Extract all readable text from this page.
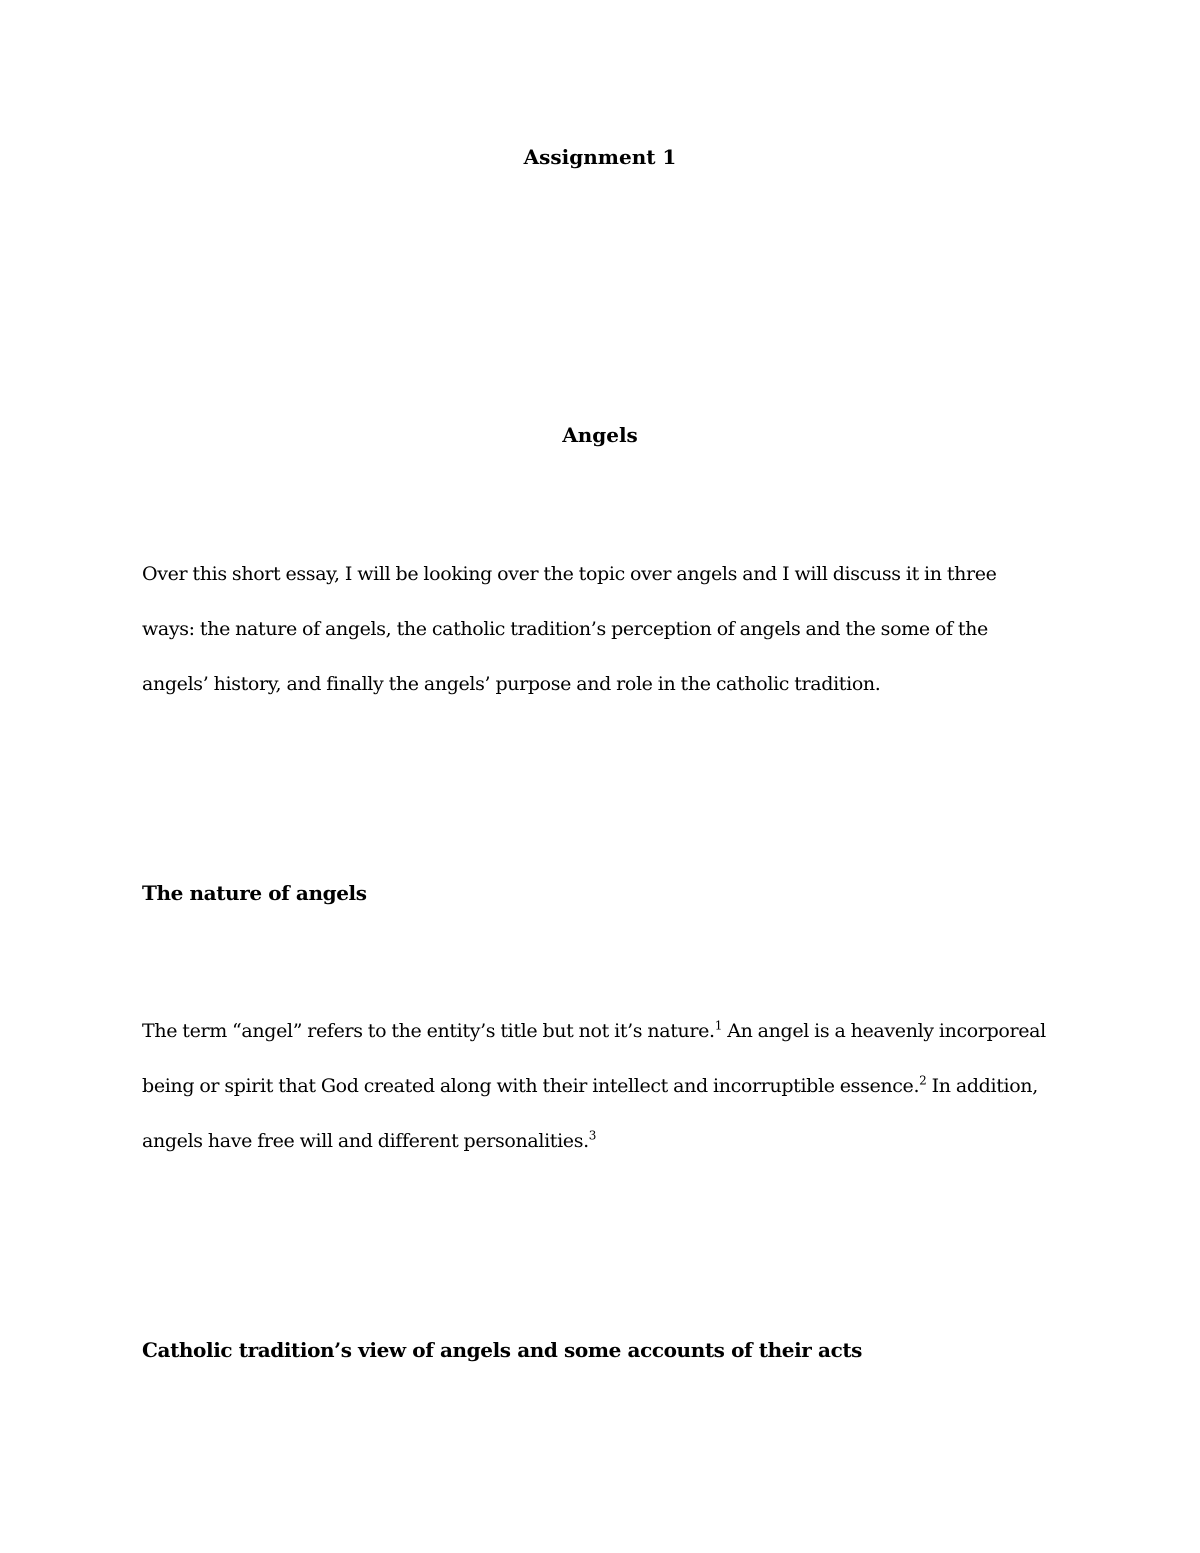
Assignment 1
Angels
Over this short essay, I will be looking over the topic over angels and I will discuss it in three
ways: the nature of angels, the catholic tradition’s perception of angels and the some of the
angels’ history, and finally the angels’ purpose and role in the catholic tradition.
The nature of angels
The term “angel” refers to the entity’s title but not it’s nature.$^1$ An angel is a heavenly incorporeal
being or spirit that God created along with their intellect and incorruptible essence.$^2$ In addition,
angels have free will and different personalities.$^3$
Catholic tradition’s view of angels and some accounts of their acts
